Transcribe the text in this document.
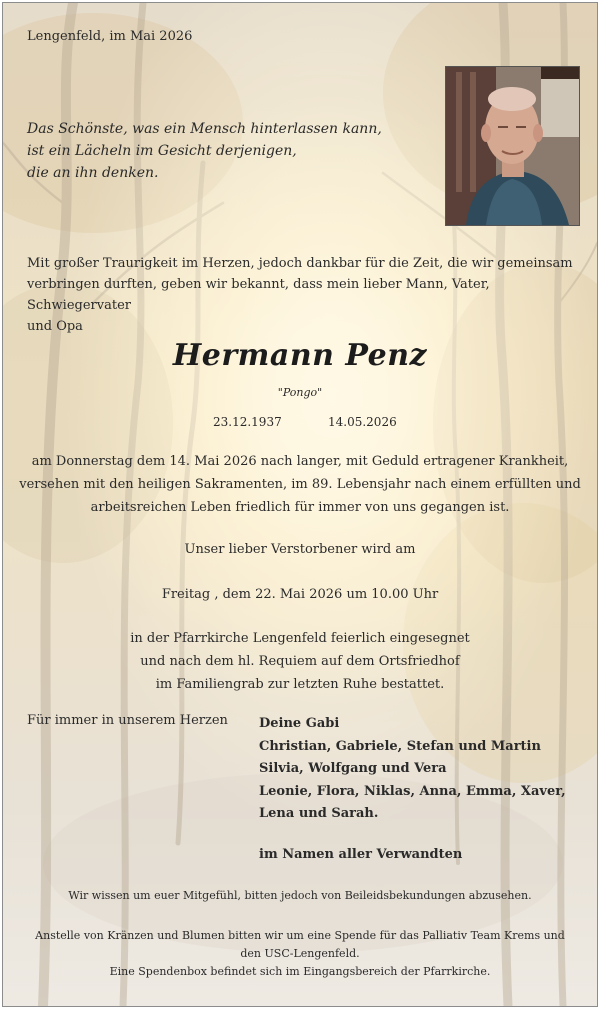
Lengenfeld, im Mai 2026
Das Schönste, was ein Mensch hinterlassen kann,
ist ein Lächeln im Gesicht derjenigen,
die an ihn denken.
Mit großer Traurigkeit im Herzen, jedoch dankbar für die Zeit, die wir gemeinsam
verbringen durften, geben wir bekannt, dass mein lieber Mann, Vater, Schwiegervater
und Opa
Hermann Penz
"Pongo"
23.12.1937	14.05.2026
am Donnerstag dem 14. Mai 2026 nach langer, mit Geduld ertragener Krankheit,
versehen mit den heiligen Sakramenten, im 89. Lebensjahr nach einem erfüllten und
arbeitsreichen Leben friedlich für immer von uns gegangen ist.
Unser lieber Verstorbener wird am
Freitag , dem 22. Mai 2026 um 10.00 Uhr
in der Pfarrkirche Lengenfeld feierlich eingesegnet
und nach dem hl. Requiem auf dem Ortsfriedhof
im Familiengrab zur letzten Ruhe bestattet.
Für immer in unserem Herzen Deine Gabi
Christian, Gabriele, Stefan und Martin
Silvia, Wolfgang und Vera
Leonie, Flora, Niklas, Anna, Emma, Xaver,
Lena und Sarah.
im Namen aller Verwandten
Wir wissen um euer Mitgefühl, bitten jedoch von Beileidsbekundungen abzusehen.
Anstelle von Kränzen und Blumen bitten wir um eine Spende für das Palliativ Team Krems und
den USC-Lengenfeld.
Eine Spendenbox befindet sich im Eingangsbereich der Pfarrkirche.
